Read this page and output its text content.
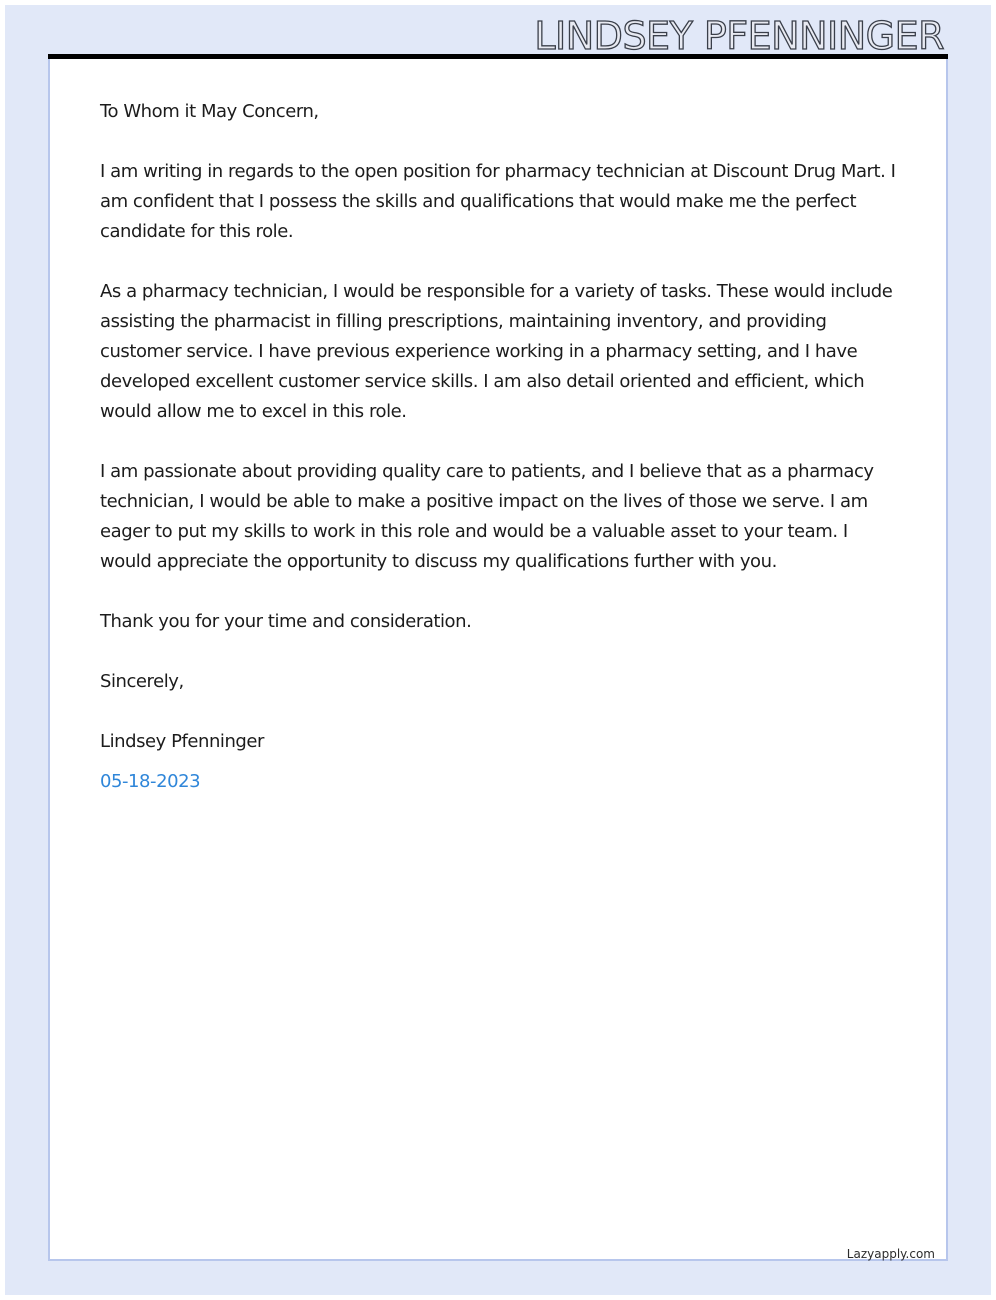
LINDSEY PFENNINGER

To Whom it May Concern,

I am writing in regards to the open position for pharmacy technician at Discount Drug Mart. I am confident that I possess the skills and qualifications that would make me the perfect candidate for this role.

As a pharmacy technician, I would be responsible for a variety of tasks. These would include assisting the pharmacist in filling prescriptions, maintaining inventory, and providing customer service. I have previous experience working in a pharmacy setting, and I have developed excellent customer service skills. I am also detail oriented and efficient, which would allow me to excel in this role.

I am passionate about providing quality care to patients, and I believe that as a pharmacy technician, I would be able to make a positive impact on the lives of those we serve. I am eager to put my skills to work in this role and would be a valuable asset to your team. I would appreciate the opportunity to discuss my qualifications further with you.

Thank you for your time and consideration.

Sincerely,

Lindsey Pfenninger

05-18-2023

Lazyapply.com
